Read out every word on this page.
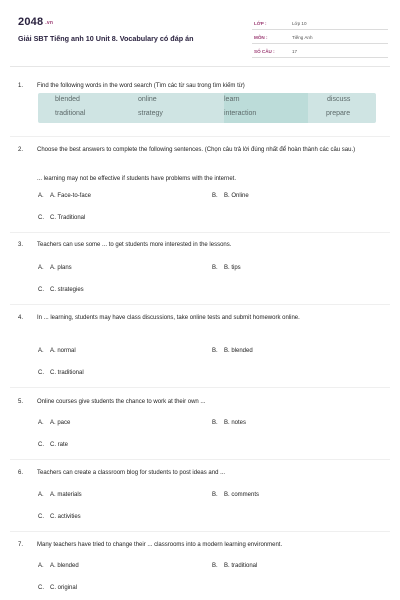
2048 .vn
Giải SBT Tiếng anh 10 Unit 8. Vocabulary có đáp án
LỚP :	Lớp 10
MÔN :	Tiếng Anh
SỐ CÂU :	17
1. Find the following words in the word search (Tìm các từ sau trong tìm kiếm từ)
blended	online	learn	discuss
traditional	strategy	interaction	prepare
2. Choose the best answers to complete the following sentences. (Chọn câu trả lời đúng nhất để hoàn thành các câu sau.)
... learning may not be effective if students have problems with the internet.
A. A. Face-to-face	B. B. Online
C. C. Traditional
3. Teachers can use some ... to get students more interested in the lessons.
A. A. plans	B. B. tips
C. C. strategies
4. In ... learning, students may have class discussions, take online tests and submit homework online.
A. A. normal	B. B. blended
C. C. traditional
5. Online courses give students the chance to work at their own ...
A. A. pace	B. B. notes
C. C. rate
6. Teachers can create a classroom blog for students to post ideas and ...
A. A. materials	B. B. comments
C. C. activities
7. Many teachers have tried to change their ... classrooms into a modern learning environment.
A. A. blended	B. B. traditional
C. C. original
